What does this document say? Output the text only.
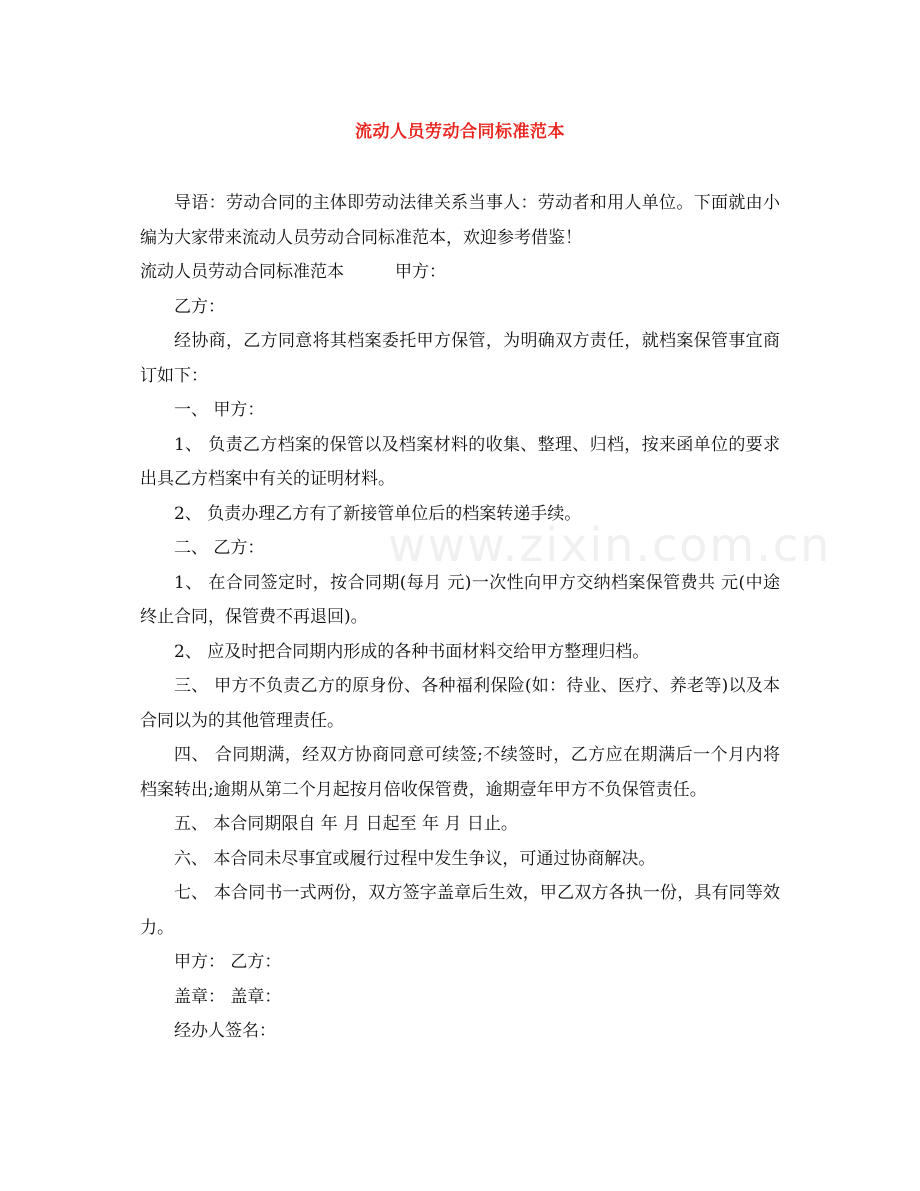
www.zixin.com.cn
流动人员劳动合同标准范本

导语：劳动合同的主体即劳动法律关系当事人：劳动者和用人单位。下面就由小编为大家带来流动人员劳动合同标准范本，欢迎参考借鉴！

流动人员劳动合同标准范本	甲方：

乙方：

经协商，乙方同意将其档案委托甲方保管，为明确双方责任，就档案保管事宜商订如下：

一、 甲方：

1、 负责乙方档案的保管以及档案材料的收集、整理、归档，按来函单位的要求出具乙方档案中有关的证明材料。

2、 负责办理乙方有了新接管单位后的档案转递手续。

二、 乙方：

1、 在合同签定时，按合同期(每月 元)一次性向甲方交纳档案保管费共 元(中途终止合同，保管费不再退回)。

2、 应及时把合同期内形成的各种书面材料交给甲方整理归档。

三、 甲方不负责乙方的原身份、各种福利保险(如：待业、医疗、养老等)以及本合同以为的其他管理责任。

四、 合同期满，经双方协商同意可续签;不续签时，乙方应在期满后一个月内将档案转出;逾期从第二个月起按月倍收保管费，逾期壹年甲方不负保管责任。

五、 本合同期限自 年 月 日起至 年 月 日止。

六、 本合同未尽事宜或履行过程中发生争议，可通过协商解决。

七、 本合同书一式两份，双方签字盖章后生效，甲乙双方各执一份，具有同等效力。

甲方： 乙方：

盖章： 盖章：

经办人签名：
